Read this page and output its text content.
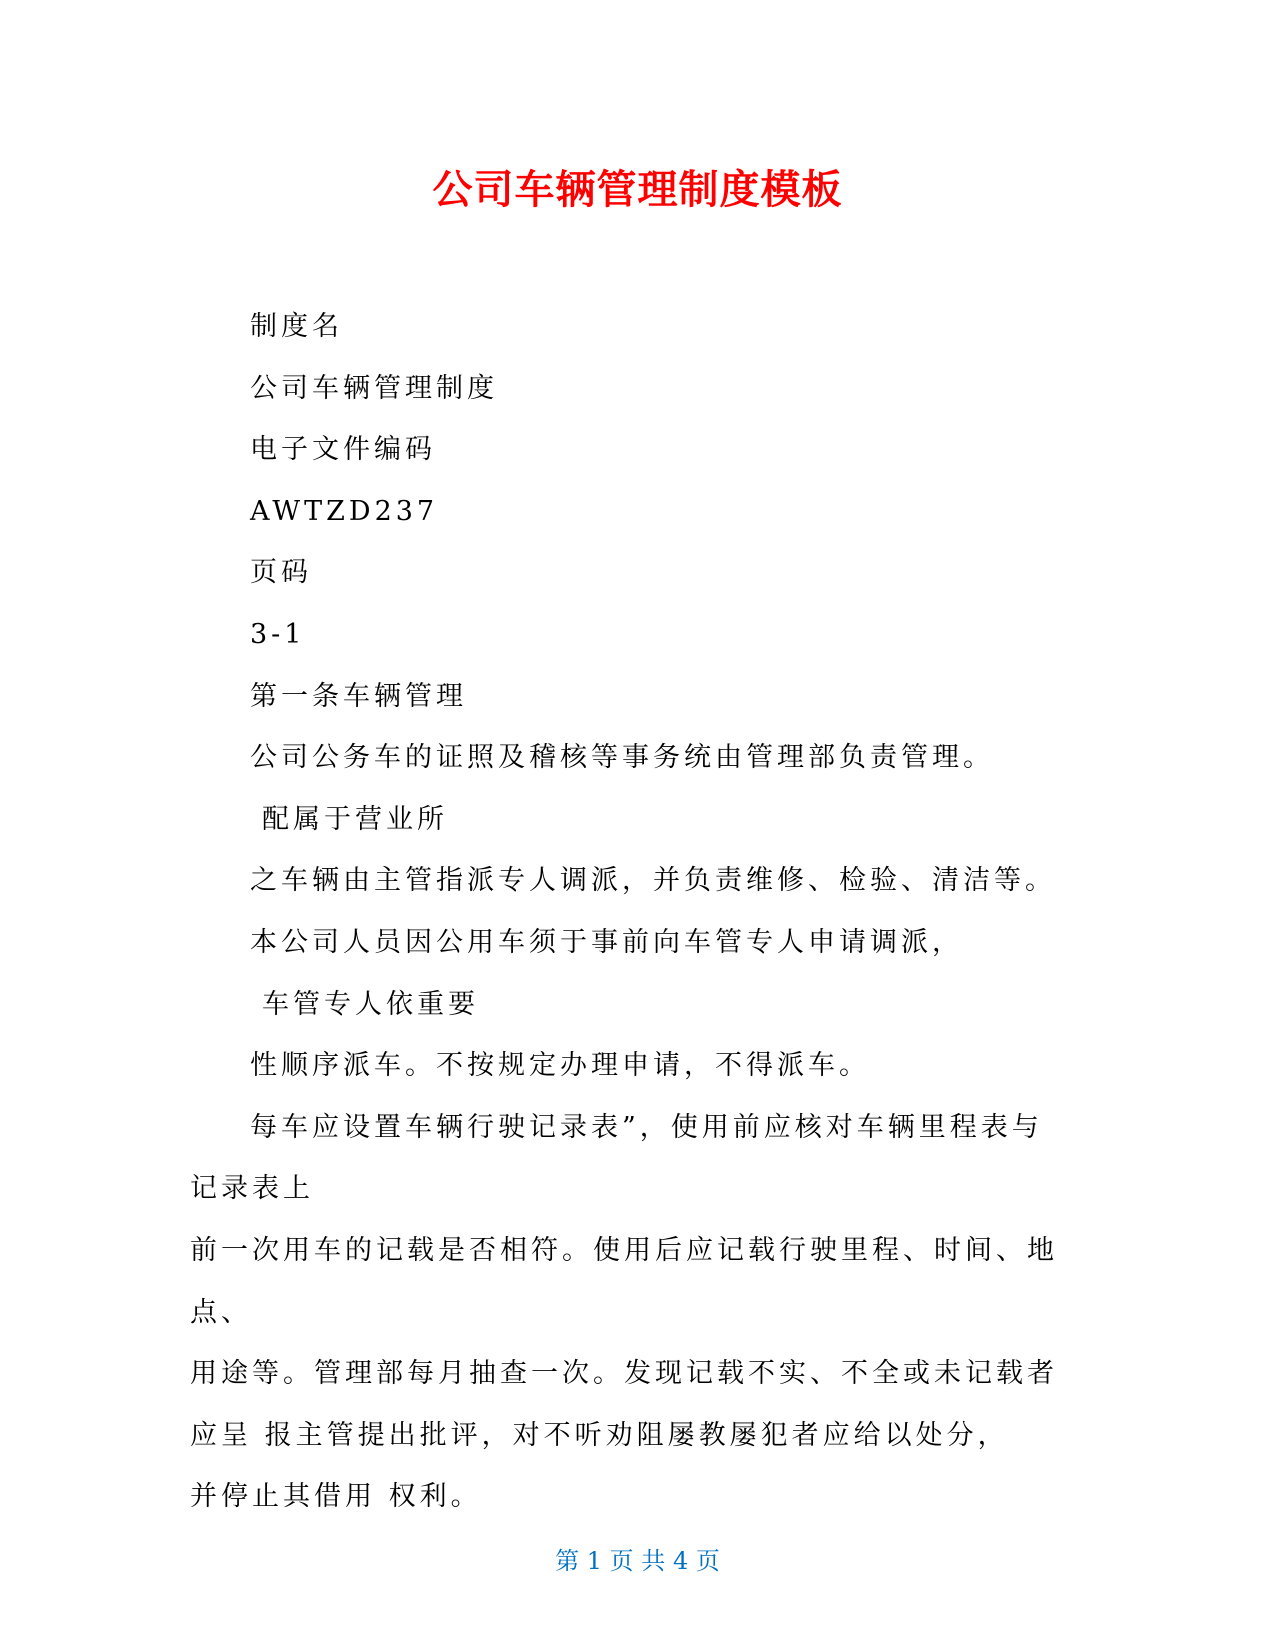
公司车辆管理制度模板
制度名
公司车辆管理制度
电子文件编码
AWTZD237
页码
3-1
第一条车辆管理
公司公务车的证照及稽核等事务统由管理部负责管理。
配属于营业所
之车辆由主管指派专人调派，并负责维修、检验、清洁等。
本公司人员因公用车须于事前向车管专人申请调派，
车管专人依重要
性顺序派车。不按规定办理申请，不得派车。
每车应设置车辆行驶记录表”，使用前应核对车辆里程表与
记录表上
前一次用车的记载是否相符。使用后应记载行驶里程、时间、地
点、
用途等。管理部每月抽查一次。发现记载不实、不全或未记载者
应呈 报主管提出批评，对不听劝阻屡教屡犯者应给以处分，
并停止其借用 权利。
第 1 页 共 4 页
